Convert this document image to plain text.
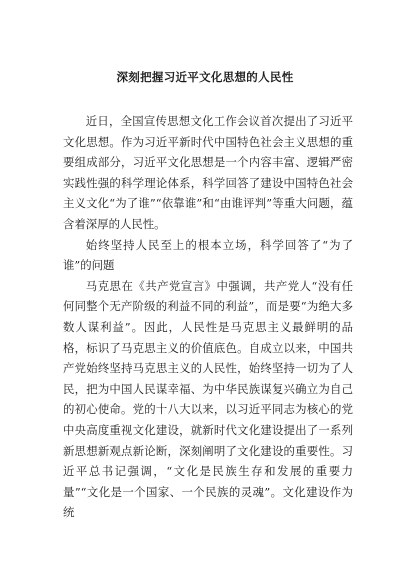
深刻把握习近平文化思想的人民性

近日，全国宣传思想文化工作会议首次提出了习近平文化思想。作为习近平新时代中国特色社会主义思想的重要组成部分，习近平文化思想是一个内容丰富、逻辑严密实践性强的科学理论体系，科学回答了建设中国特色社会主义文化“为了谁”“依靠谁”和“由谁评判”等重大问题，蕴含着深厚的人民性。

始终坚持人民至上的根本立场，科学回答了“为了谁”的问题

马克思在《共产党宣言》中强调，共产党人“没有任何同整个无产阶级的利益不同的利益”，而是要“为绝大多数人谋利益”。因此，人民性是马克思主义最鲜明的品格，标识了马克思主义的价值底色。自成立以来，中国共产党始终坚持马克思主义的人民性，始终坚持一切为了人民，把为中国人民谋幸福、为中华民族谋复兴确立为自己的初心使命。党的十八大以来，以习近平同志为核心的党中央高度重视文化建设，就新时代文化建设提出了一系列新思想新观点新论断，深刻阐明了文化建设的重要性。习近平总书记强调，“文化是民族生存和发展的重要力量”“文化是一个国家、一个民族的灵魂”。文化建设作为统
